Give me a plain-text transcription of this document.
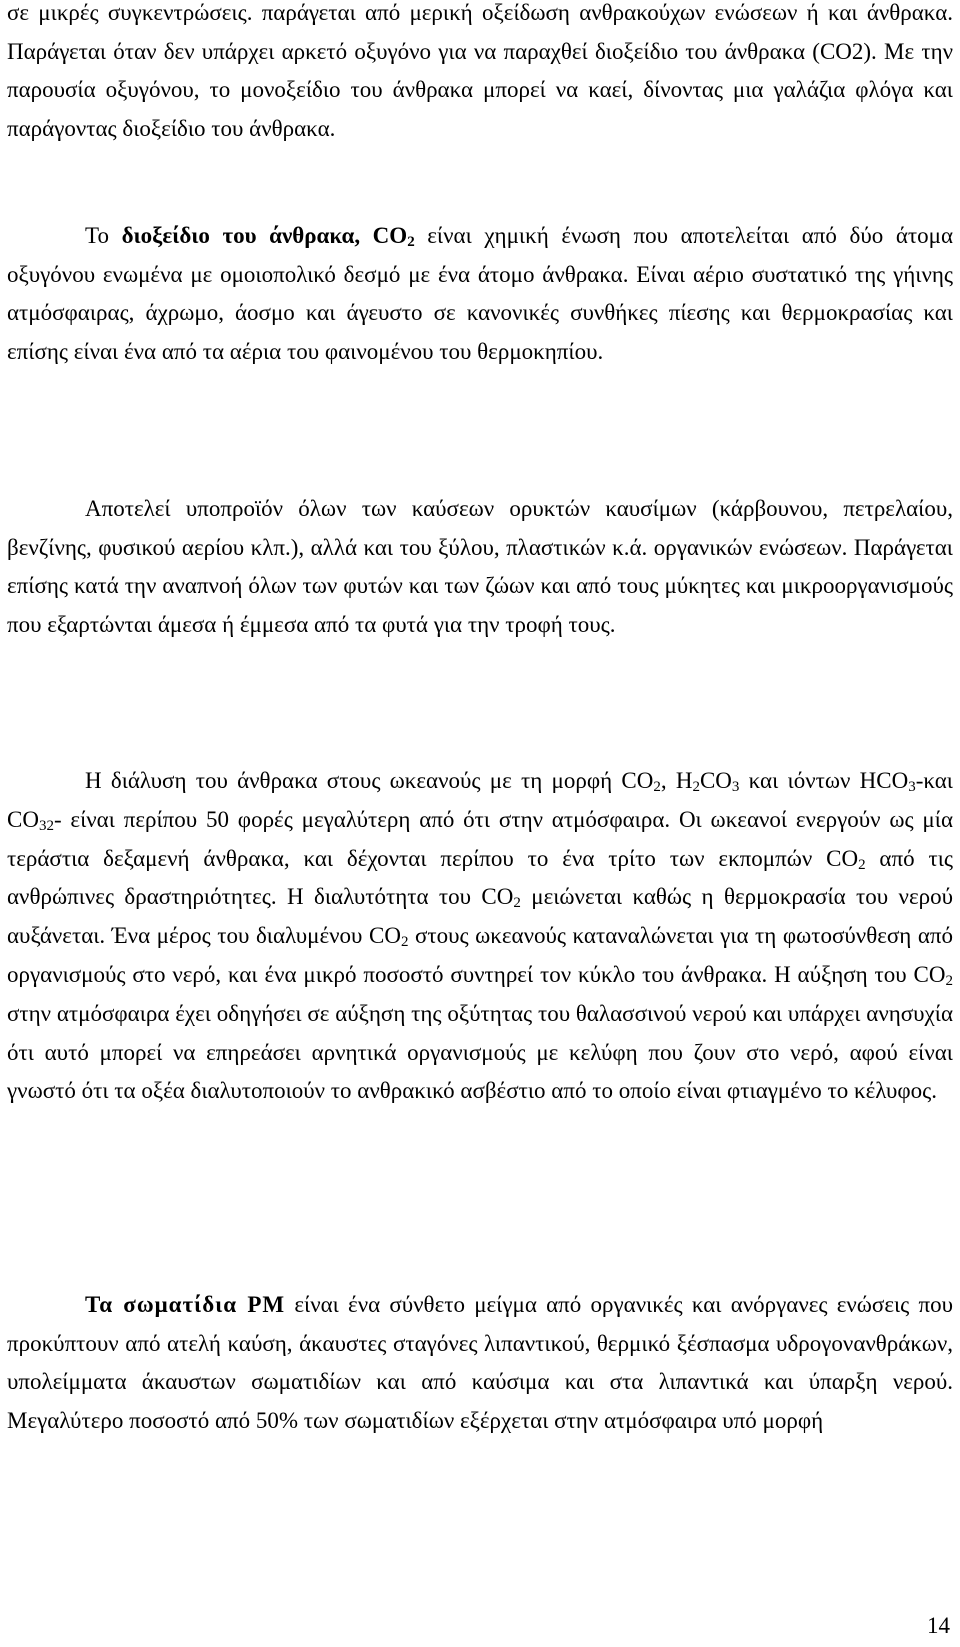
σε μικρές συγκεντρώσεις. παράγεται από μερική οξείδωση ανθρακούχων ενώσεων ή και άνθρακα. Παράγεται όταν δεν υπάρχει αρκετό οξυγόνο για να παραχθεί διοξείδιο του άνθρακα (CO2). Με την παρουσία οξυγόνου, το μονοξείδιο του άνθρακα μπορεί να καεί, δίνοντας μια γαλάζια φλόγα και παράγοντας διοξείδιο του άνθρακα.

Το διοξείδιο του άνθρακα, $CO_2$ είναι χημική ένωση που αποτελείται από δύο άτομα οξυγόνου ενωμένα με ομοιοπολικό δεσμό με ένα άτομο άνθρακα. Είναι αέριο συστατικό της γήινης ατμόσφαιρας, άχρωμο, άοσμο και άγευστο σε κανονικές συνθήκες πίεσης και θερμοκρασίας και επίσης είναι ένα από τα αέρια του φαινομένου του θερμοκηπίου.

Αποτελεί υποπροϊόν όλων των καύσεων ορυκτών καυσίμων (κάρβουνου, πετρελαίου, βενζίνης, φυσικού αερίου κλπ.), αλλά και του ξύλου, πλαστικών κ.ά. οργανικών ενώσεων. Παράγεται επίσης κατά την αναπνοή όλων των φυτών και των ζώων και από τους μύκητες και μικροοργανισμούς που εξαρτώνται άμεσα ή έμμεσα από τα φυτά για την τροφή τους.

Η διάλυση του άνθρακα στους ωκεανούς με τη μορφή $CO_2$, $H_2CO_3$ και ιόντων $HCO_3$-και $CO_{32}-$ είναι περίπου 50 φορές μεγαλύτερη από ότι στην ατμόσφαιρα. Οι ωκεανοί ενεργούν ως μία τεράστια δεξαμενή άνθρακα, και δέχονται περίπου το ένα τρίτο των εκπομπών $CO_2$ από τις ανθρώπινες δραστηριότητες. Η διαλυτότητα του $CO_2$ μειώνεται καθώς η θερμοκρασία του νερού αυξάνεται. Ένα μέρος του διαλυμένου $CO_2$ στους ωκεανούς καταναλώνεται για τη φωτοσύνθεση από οργανισμούς στο νερό, και ένα μικρό ποσοστό συντηρεί τον κύκλο του άνθρακα. Η αύξηση του $CO_2$ στην ατμόσφαιρα έχει οδηγήσει σε αύξηση της οξύτητας του θαλασσινού νερού και υπάρχει ανησυχία ότι αυτό μπορεί να επηρεάσει αρνητικά οργανισμούς με κελύφη που ζουν στο νερό, αφού είναι γνωστό ότι τα οξέα διαλυτοποιούν το ανθρακικό ασβέστιο από το οποίο είναι φτιαγμένο το κέλυφος.

Τα σωματίδια PM είναι ένα σύνθετο μείγμα από οργανικές και ανόργανες ενώσεις που προκύπτουν από ατελή καύση, άκαυστες σταγόνες λιπαντικού, θερμικό ξέσπασμα υδρογονανθράκων, υπολείμματα άκαυστων σωματιδίων και από καύσιμα και στα λιπαντικά και ύπαρξη νερού. Μεγαλύτερο ποσοστό από 50% των σωματιδίων εξέρχεται στην ατμόσφαιρα υπό μορφή

14
